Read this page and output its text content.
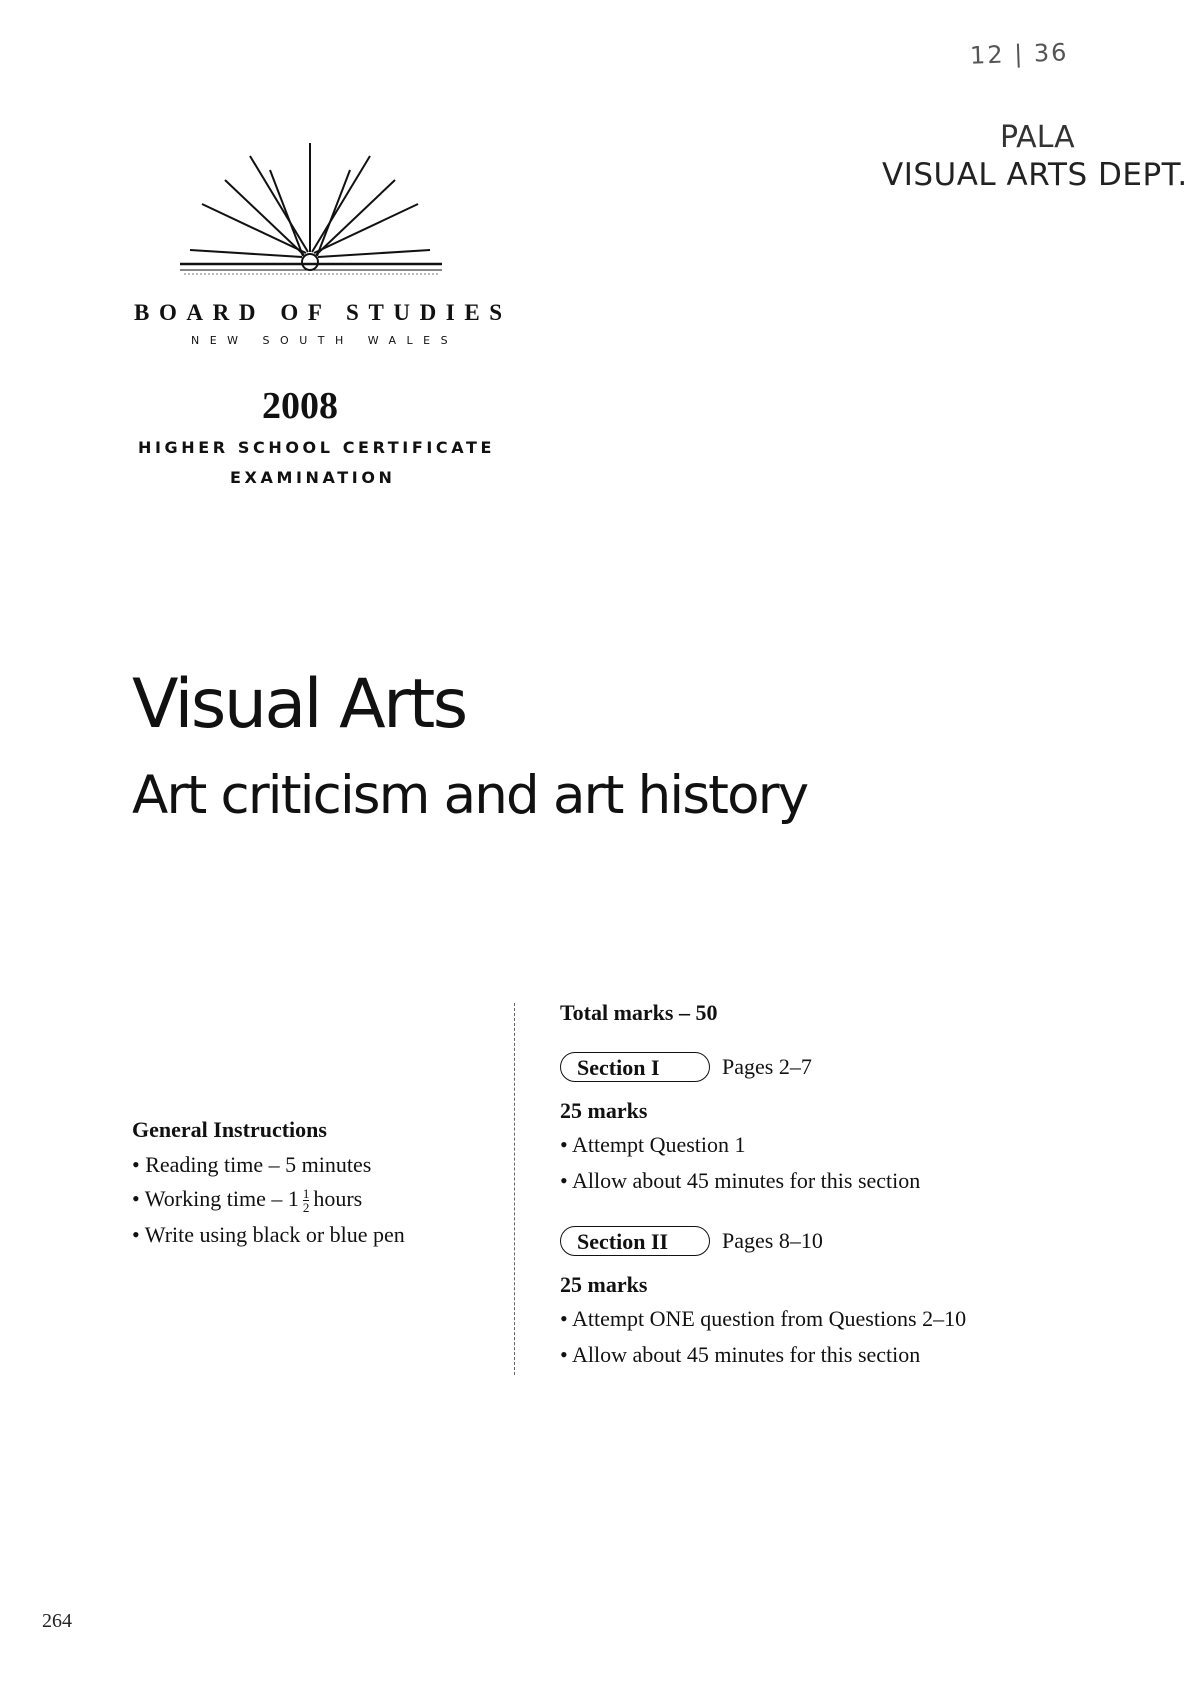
12 | 36
PALA
VISUAL ARTS DEPT.
BOARD OF STUDIES
NEW SOUTH WALES
2008
HIGHER SCHOOL CERTIFICATE
EXAMINATION
Visual Arts
Art criticism and art history
General Instructions
• Reading time – 5 minutes
• Working time – $1 \frac{1}{2}$ hours
• Write using black or blue pen
Total marks – 50
Section I	Pages 2–7
25 marks
• Attempt Question 1
• Allow about 45 minutes for this section
Section II	Pages 8–10
25 marks
• Attempt ONE question from Questions 2–10
• Allow about 45 minutes for this section
264
